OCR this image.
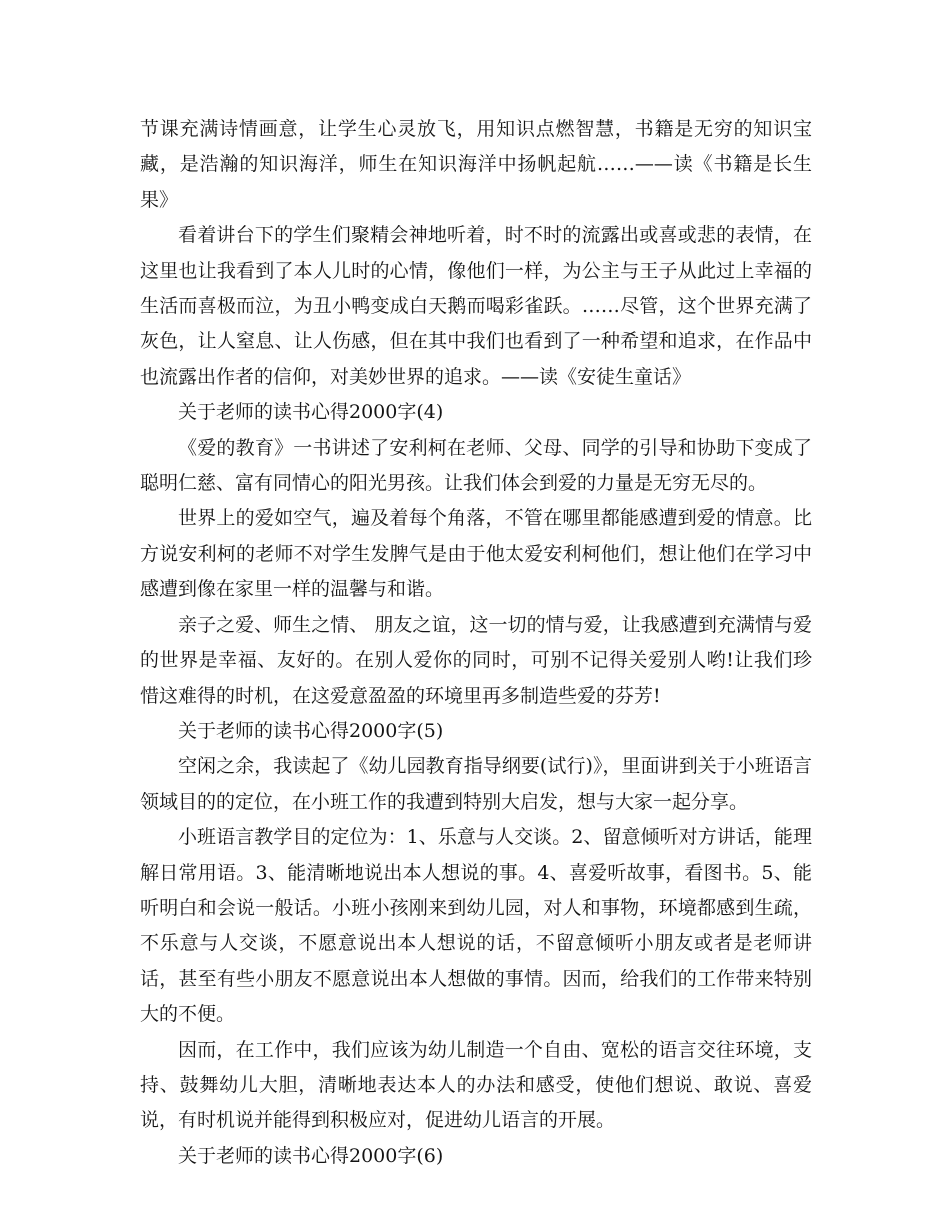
节课充满诗情画意，让学生心灵放飞，用知识点燃智慧，书籍是无穷的知识宝藏，是浩瀚的知识海洋，师生在知识海洋中扬帆起航……——读《书籍是长生果》

看着讲台下的学生们聚精会神地听着，时不时的流露出或喜或悲的表情，在这里也让我看到了本人儿时的心情，像他们一样，为公主与王子从此过上幸福的生活而喜极而泣，为丑小鸭变成白天鹅而喝彩雀跃。……尽管，这个世界充满了灰色，让人窒息、让人伤感，但在其中我们也看到了一种希望和追求，在作品中也流露出作者的信仰，对美妙世界的追求。——读《安徒生童话》

关于老师的读书心得2000字(4)

《爱的教育》一书讲述了安利柯在老师、父母、同学的引导和协助下变成了聪明仁慈、富有同情心的阳光男孩。让我们体会到爱的力量是无穷无尽的。

世界上的爱如空气，遍及着每个角落，不管在哪里都能感遭到爱的情意。比方说安利柯的老师不对学生发脾气是由于他太爱安利柯他们，想让他们在学习中感遭到像在家里一样的温馨与和谐。

亲子之爱、师生之情、 朋友之谊，这一切的情与爱，让我感遭到充满情与爱的世界是幸福、友好的。在别人爱你的同时，可别不记得关爱别人哟!让我们珍惜这难得的时机，在这爱意盈盈的环境里再多制造些爱的芬芳!

关于老师的读书心得2000字(5)

空闲之余，我读起了《幼儿园教育指导纲要(试行)》，里面讲到关于小班语言领域目的的定位，在小班工作的我遭到特别大启发，想与大家一起分享。

小班语言教学目的定位为：1、乐意与人交谈。2、留意倾听对方讲话，能理解日常用语。3、能清晰地说出本人想说的事。4、喜爱听故事，看图书。5、能听明白和会说一般话。小班小孩刚来到幼儿园，对人和事物，环境都感到生疏，不乐意与人交谈，不愿意说出本人想说的话，不留意倾听小朋友或者是老师讲话，甚至有些小朋友不愿意说出本人想做的事情。因而，给我们的工作带来特别大的不便。

因而，在工作中，我们应该为幼儿制造一个自由、宽松的语言交往环境，支持、鼓舞幼儿大胆，清晰地表达本人的办法和感受，使他们想说、敢说、喜爱说，有时机说并能得到积极应对，促进幼儿语言的开展。

关于老师的读书心得2000字(6)
